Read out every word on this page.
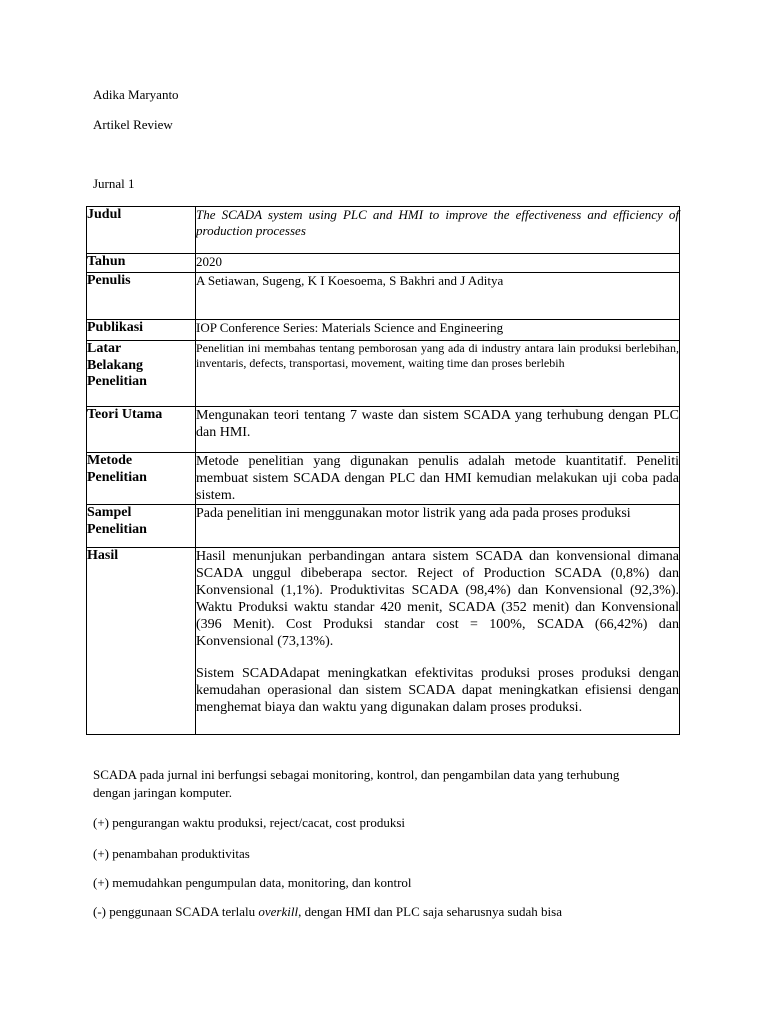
Adika Maryanto
Artikel Review
Jurnal 1
Judul	The SCADA system using PLC and HMI to improve the effectiveness and efficiency of production processes
Tahun	2020
Penulis	A Setiawan, Sugeng, K I Koesoema, S Bakhri and J Aditya
Publikasi	IOP Conference Series: Materials Science and Engineering

Latar
Belakang
Penelitian	Penelitian ini membahas tentang pemborosan yang ada di industry antara lain produksi berlebihan, inventaris, defects, transportasi, movement, waiting time dan proses berlebih
Teori Utama	Mengunakan teori tentang 7 waste dan sistem SCADA yang terhubung dengan PLC dan HMI.

Metode
Penelitian	Metode penelitian yang digunakan penulis adalah metode kuantitatif. Peneliti membuat sistem SCADA dengan PLC dan HMI kemudian melakukan uji coba pada sistem.

Sampel
Penelitian	Pada penelitian ini menggunakan motor listrik yang ada pada proses produksi
Hasil	Hasil menunjukan perbandingan antara sistem SCADA dan konvensional dimana SCADA unggul dibeberapa sector. Reject of Production SCADA (0,8%) dan Konvensional (1,1%). Produktivitas SCADA (98,4%) dan Konvensional (92,3%). Waktu Produksi waktu standar 420 menit, SCADA (352 menit) dan Konvensional (396 Menit). Cost Produksi standar cost = 100%, SCADA (66,42%) dan Konvensional (73,13%).

Sistem SCADAdapat meningkatkan efektivitas produksi proses produksi dengan kemudahan operasional dan sistem SCADA dapat meningkatkan efisiensi dengan menghemat biaya dan waktu yang digunakan dalam proses produksi.

SCADA pada jurnal ini berfungsi sebagai monitoring, kontrol, dan pengambilan data yang terhubung
dengan jaringan komputer.
(+) pengurangan waktu produksi, reject/cacat, cost produksi
(+) penambahan produktivitas
(+) memudahkan pengumpulan data, monitoring, dan kontrol
(-) penggunaan SCADA terlalu overkill, dengan HMI dan PLC saja seharusnya sudah bisa
